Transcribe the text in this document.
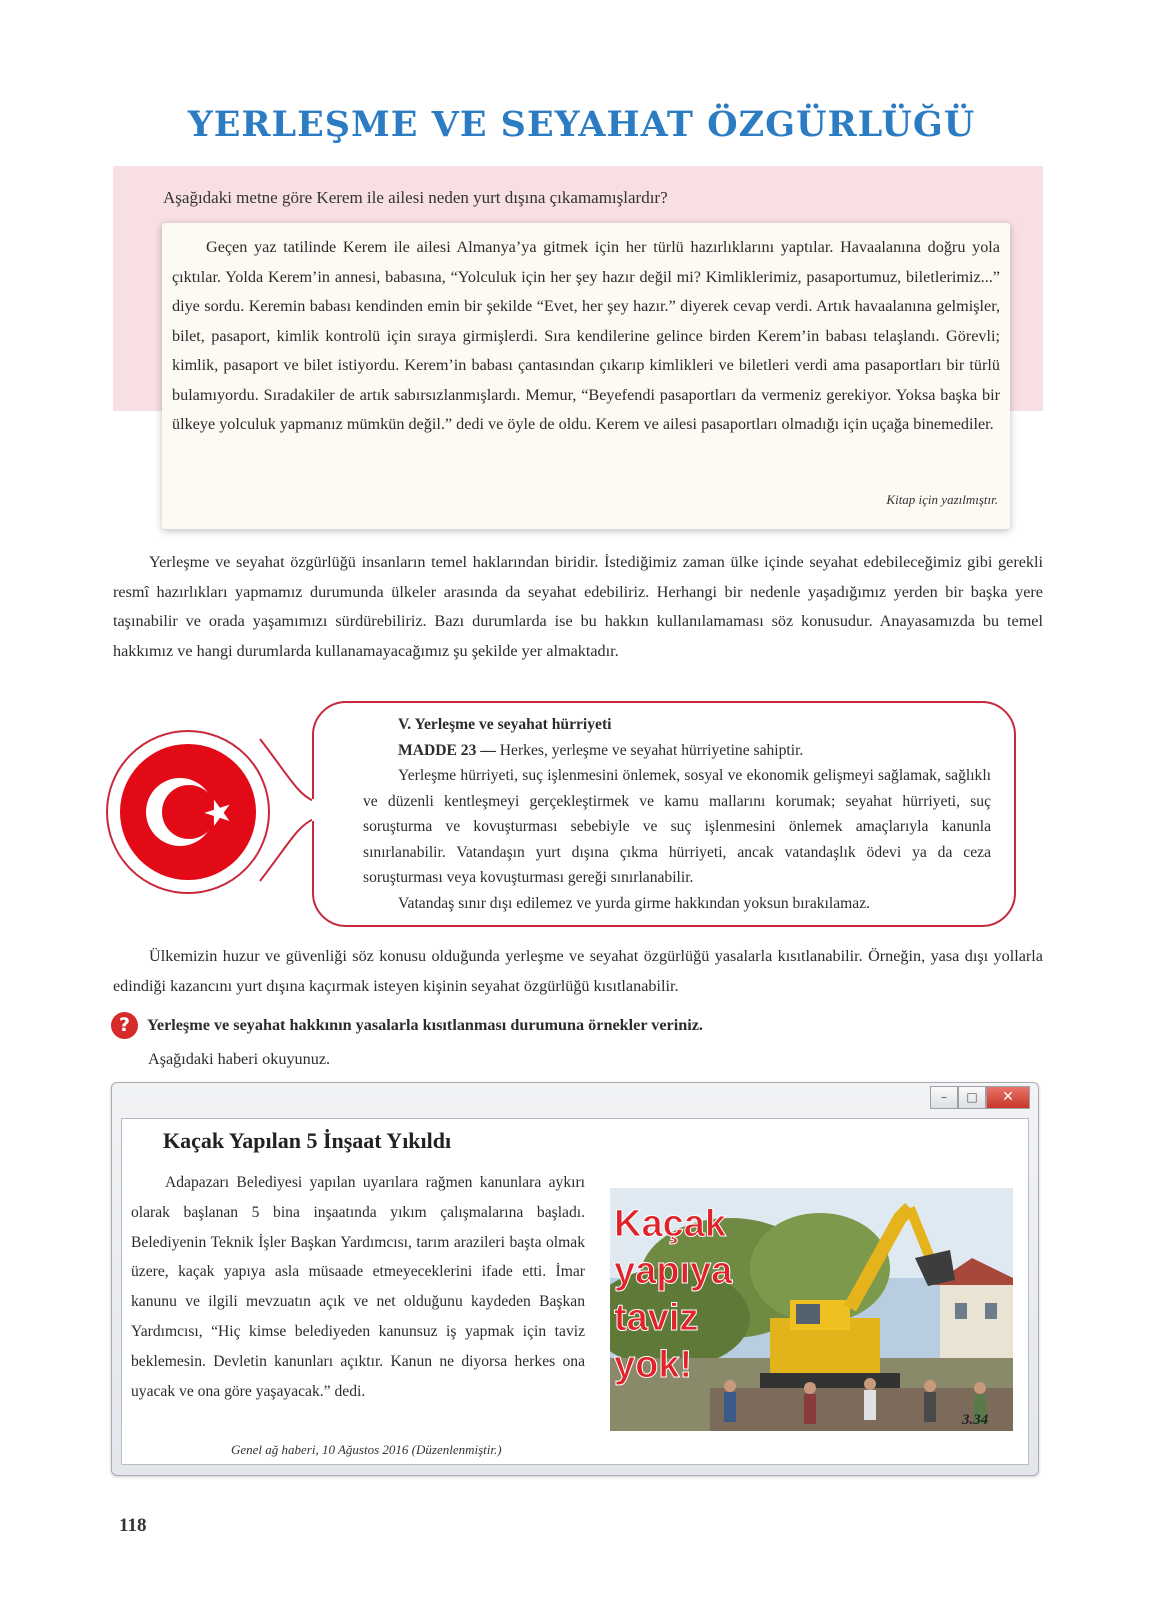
YERLEŞME VE SEYAHAT ÖZGÜRLÜĞÜ
Aşağıdaki metne göre Kerem ile ailesi neden yurt dışına çıkamamışlardır?
Geçen yaz tatilinde Kerem ile ailesi Almanya’ya gitmek için her türlü hazırlıklarını yaptılar. Havaalanına doğru yola çıktılar. Yolda Kerem’in annesi, babasına, “Yolculuk için her şey hazır değil mi? Kimliklerimiz, pasaportumuz, biletlerimiz...” diye sordu. Keremin babası kendinden emin bir şekilde “Evet, her şey hazır.” diyerek cevap verdi. Artık havaalanına gelmişler, bilet, pasaport, kimlik kontrolü için sıraya girmişlerdi. Sıra kendilerine gelince birden Kerem’in babası telaşlandı. Görevli; kimlik, pasaport ve bilet istiyordu. Kerem’in babası çantasından çıkarıp kimlikleri ve biletleri verdi ama pasaportları bir türlü bulamıyordu. Sıradakiler de artık sabırsızlanmışlardı. Memur, “Beyefendi pasaportları da vermeniz gerekiyor. Yoksa başka bir ülkeye yolculuk yapmanız mümkün değil.” dedi ve öyle de oldu. Kerem ve ailesi pasaportları olmadığı için uçağa binemediler.
Kitap için yazılmıştır.
Yerleşme ve seyahat özgürlüğü insanların temel haklarından biridir. İstediğimiz zaman ülke içinde seyahat edebileceğimiz gibi gerekli resmî hazırlıkları yapmamız durumunda ülkeler arasında da seyahat edebiliriz. Herhangi bir nedenle yaşadığımız yerden bir başka yere taşınabilir ve orada yaşamımızı sürdürebiliriz. Bazı durumlarda ise bu hakkın kullanılamaması söz konusudur. Anayasamızda bu temel hakkımız ve hangi durumlarda kullanamayacağımız şu şekilde yer almaktadır.
V. Yerleşme ve seyahat hürriyeti
MADDE 23 — Herkes, yerleşme ve seyahat hürriyetine sahiptir.
Yerleşme hürriyeti, suç işlenmesini önlemek, sosyal ve ekonomik gelişmeyi sağlamak, sağlıklı ve düzenli kentleşmeyi gerçekleştirmek ve kamu mallarını korumak; seyahat hürriyeti, suç soruşturma ve kovuşturması sebebiyle ve suç işlenmesini önlemek amaçlarıyla kanunla sınırlanabilir. Vatandaşın yurt dışına çıkma hürriyeti, ancak vatandaşlık ödevi ya da ceza soruşturması veya kovuşturması gereği sınırlanabilir.
Vatandaş sınır dışı edilemez ve yurda girme hakkından yoksun bırakılamaz.
Ülkemizin huzur ve güvenliği söz konusu olduğunda yerleşme ve seyahat özgürlüğü yasalarla kısıtlanabilir. Örneğin, yasa dışı yollarla edindiği kazancını yurt dışına kaçırmak isteyen kişinin seyahat özgürlüğü kısıtlanabilir.
?	Yerleşme ve seyahat hakkının yasalarla kısıtlanması durumuna örnekler veriniz.
Aşağıdaki haberi okuyunuz.
–	□	✕
Kaçak Yapılan 5 İnşaat Yıkıldı
Adapazarı Belediyesi yapılan uyarılara rağmen kanunlara aykırı olarak başlanan 5 bina inşaatında yıkım çalışmalarına başladı. Belediyenin Teknik İşler Başkan Yardımcısı, tarım arazileri başta olmak üzere, kaçak yapıya asla müsaade etmeyeceklerini ifade etti. İmar kanunu ve ilgili mevzuatın açık ve net olduğunu kaydeden Başkan Yardımcısı, “Hiç kimse belediyeden kanunsuz iş yapmak için taviz beklemesin. Devletin kanunları açıktır. Kanun ne diyorsa herkes ona uyacak ve ona göre yaşayacak.” dedi.
Genel ağ haberi, 10 Ağustos 2016 (Düzenlenmiştir.)
Kaçak
yapıya
taviz
yok!
3.34
118
